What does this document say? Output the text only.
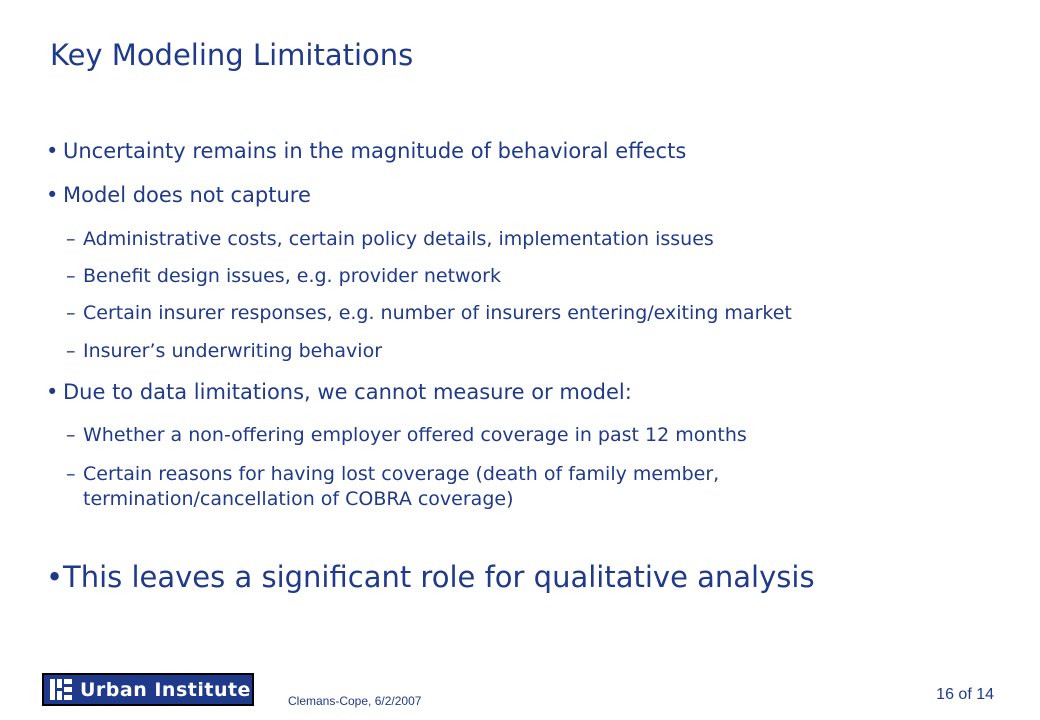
Key Modeling Limitations
• Uncertainty remains in the magnitude of behavioral effects
• Model does not capture
– Administrative costs, certain policy details, implementation issues
– Benefit design issues, e.g. provider network
– Certain insurer responses, e.g. number of insurers entering/exiting market
– Insurer’s underwriting behavior
• Due to data limitations, we cannot measure or model:
– Whether a non-offering employer offered coverage in past 12 months
– Certain reasons for having lost coverage (death of family member, termination/cancellation of COBRA coverage)
•This leaves a significant role for qualitative analysis
Urban Institute
Clemans-Cope, 6/2/2007	16 of 14
